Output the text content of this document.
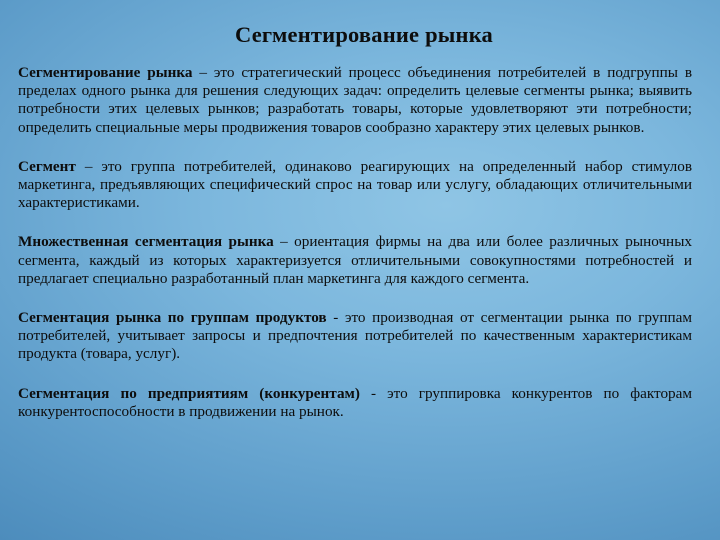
Сегментирование рынка

Сегментирование рынка – это стратегический процесс объединения потребителей в подгруппы в пределах одного рынка для решения следующих задач: определить целевые сегменты рынка; выявить потребности этих целевых рынков; разработать товары, которые удовлетворяют эти потребности; определить специальные меры продвижения товаров сообразно характеру этих целевых рынков.

Сегмент – это группа потребителей, одинаково реагирующих на определенный набор стимулов маркетинга, предъявляющих специфический спрос на товар или услугу, обладающих отличительными характеристиками.

Множественная сегментация рынка – ориентация фирмы на два или более различных рыночных сегмента, каждый из которых характеризуется отличительными совокупностями потребностей и предлагает специально разработанный план маркетинга для каждого сегмента.

Сегментация рынка по группам продуктов - это производная от сегментации рынка по группам потребителей, учитывает запросы и предпочтения потребителей по качественным характеристикам продукта (товара, услуг).

Сегментация по предприятиям (конкурентам) - это группировка конкурентов по факторам конкурентоспособности в продвижении на рынок.
